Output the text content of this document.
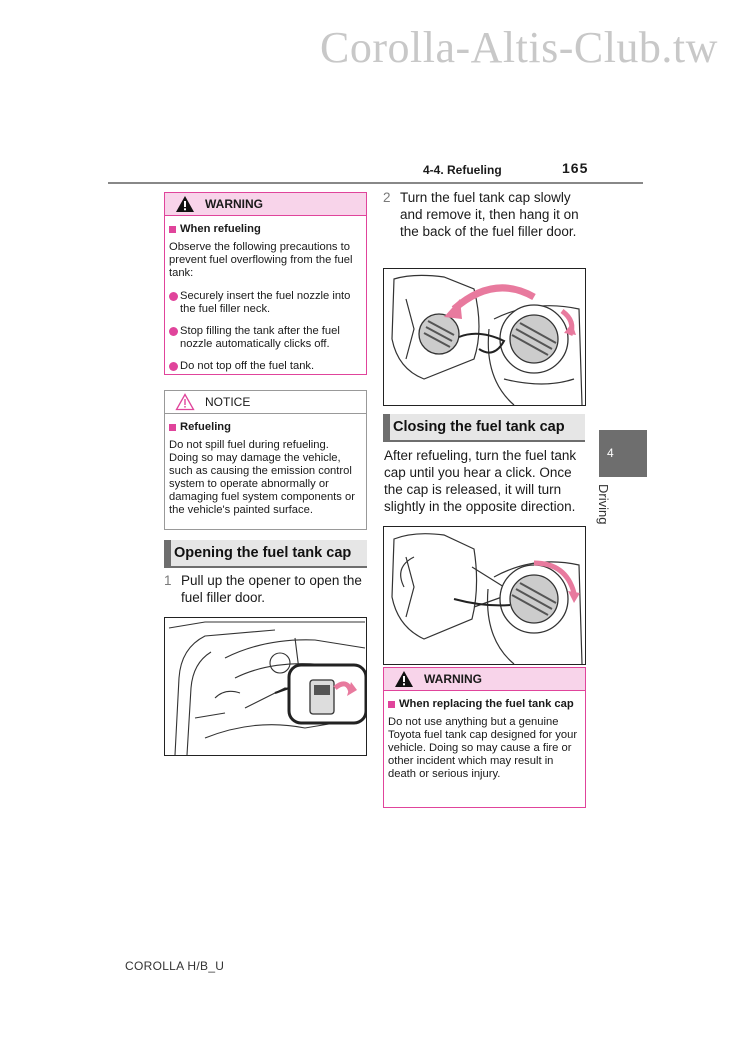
Corolla-Altis-Club.tw
4-4. Refueling	165
WARNING
When refueling

Observe the following precautions to prevent fuel overflowing from the fuel tank:

Securely insert the fuel nozzle into the fuel filler neck.
Stop filling the tank after the fuel nozzle automatically clicks off.
Do not top off the fuel tank.
NOTICE
Refueling

Do not spill fuel during refueling. Doing so may damage the vehicle, such as causing the emission control system to operate abnormally or damaging fuel system components or the vehicle's painted surface.

Opening the fuel tank cap
1 Pull up the opener to open the fuel filler door.
2 Turn the fuel tank cap slowly and remove it, then hang it on the back of the fuel filler door.
Closing the fuel tank cap
After refueling, turn the fuel tank cap until you hear a click. Once the cap is released, it will turn slightly in the opposite direction.
WARNING
When replacing the fuel tank cap

Do not use anything but a genuine Toyota fuel tank cap designed for your vehicle. Doing so may cause a fire or other incident which may result in death or serious injury.

4
Driving
COROLLA H/B_U
